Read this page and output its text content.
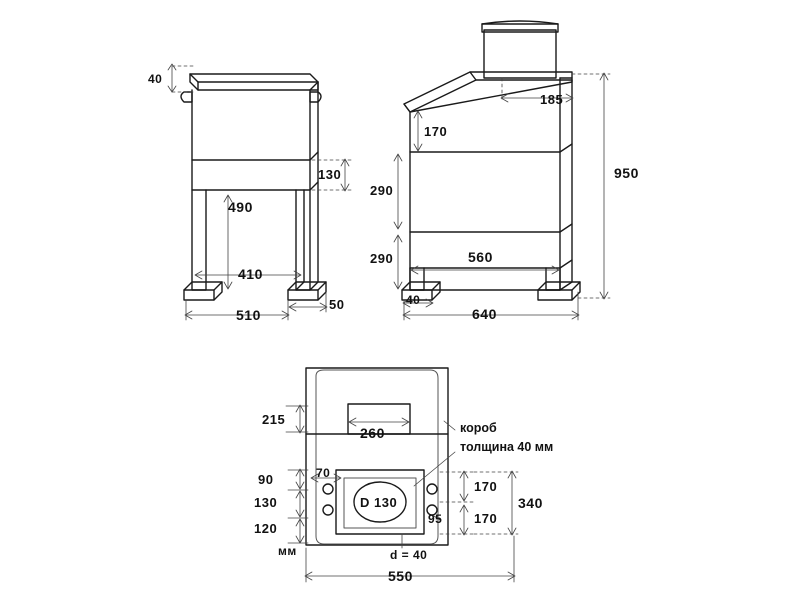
40
130
490
410
510
50
185
170
290
290	560
40
640
950
215
260
70
90
130
120
D 130
95
170
170
340
550
d = 40
мм
короб
толщина 40 мм
